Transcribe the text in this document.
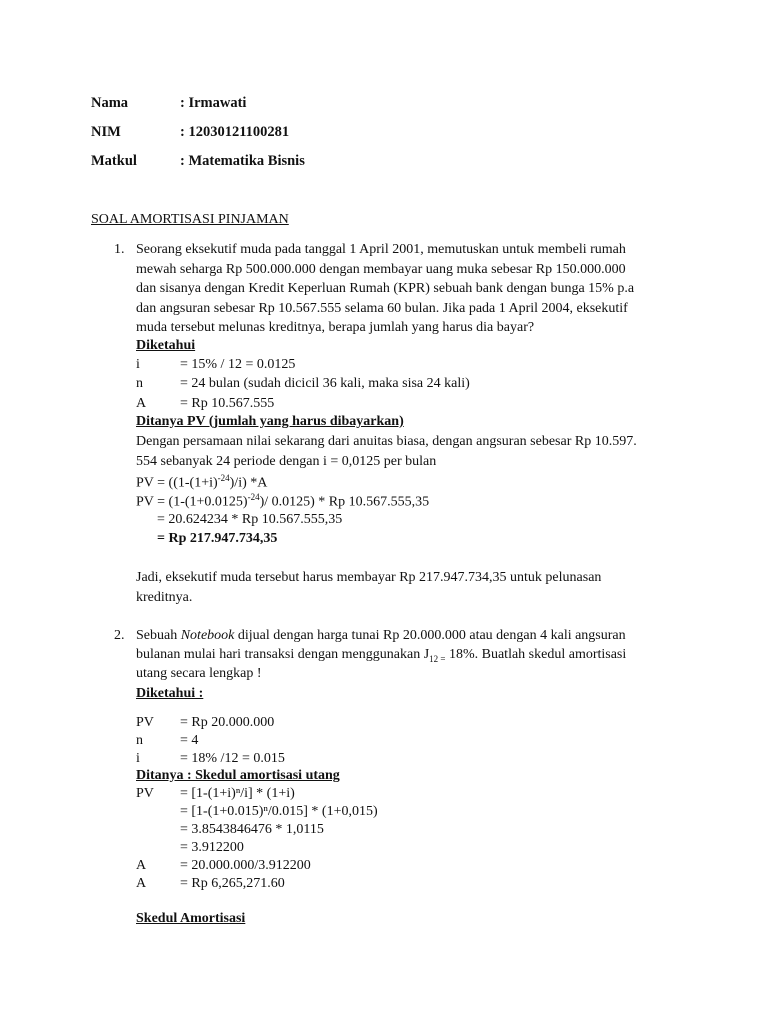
Nama	: Irmawati
NIM	: 12030121100281
Matkul	: Matematika Bisnis
SOAL AMORTISASI PINJAMAN
1. Seorang eksekutif muda pada tanggal 1 April 2001, memutuskan untuk membeli rumah
mewah seharga Rp 500.000.000 dengan membayar uang muka sebesar Rp 150.000.000
dan sisanya dengan Kredit Keperluan Rumah (KPR) sebuah bank dengan bunga 15% p.a
dan angsuran sebesar Rp 10.567.555 selama 60 bulan. Jika pada 1 April 2004, eksekutif
muda tersebut melunas kreditnya, berapa jumlah yang harus dia bayar?
Diketahui
i	= 15% / 12 = 0.0125
n	= 24 bulan (sudah dicicil 36 kali, maka sisa 24 kali)
A = Rp 10.567.555
Ditanya PV (jumlah yang harus dibayarkan)
Dengan persamaan nilai sekarang dari anuitas biasa, dengan angsuran sebesar Rp 10.597.
554 sebanyak 24 periode dengan i = 0,0125 per bulan
PV = $((1-(1+i)^{-24})/i)$ *A
PV = $(1-(1+0.0125)^{-24})/$ 0.0125) * Rp 10.567.555,35
= 20.624234 * Rp 10.567.555,35
= Rp 217.947.734,35
Jadi, eksekutif muda tersebut harus membayar Rp 217.947.734,35 untuk pelunasan
kreditnya.
2. Sebuah Notebook dijual dengan harga tunai Rp 20.000.000 atau dengan 4 kali angsuran
bulanan mulai hari transaksi dengan menggunakan $J_{12 =}$ 18%. Buatlah skedul amortisasi
utang secara lengkap !
Diketahui :
PV = Rp 20.000.000
n	= 4
i	= 18% /12 = 0.015
Ditanya : Skedul amortisasi utang
PV = [1-(1+i)ⁿ/i] * (1+i)
= [1-(1+0.015)ⁿ/0.015] * (1+0,015)
= 3.8543846476 * 1,0115
= 3.912200
A = 20.000.000/3.912200
A = Rp 6,265,271.60
Skedul Amortisasi
